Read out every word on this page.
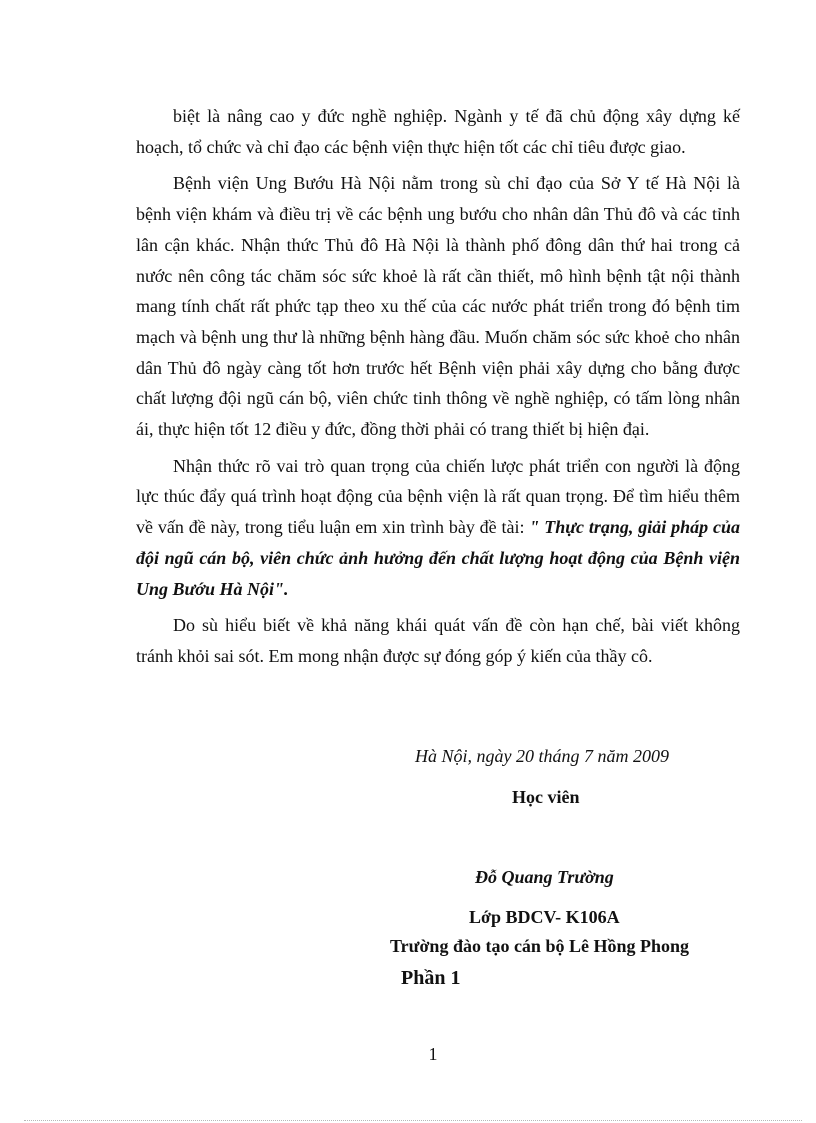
biệt là nâng cao y đức nghề nghiệp. Ngành y tế đã chủ động xây dựng kế hoạch, tổ chức và chỉ đạo các bệnh viện thực hiện tốt các chỉ tiêu được giao.

Bệnh viện Ung Bướu Hà Nội nằm trong sù chỉ đạo của Sở Y tế Hà Nội là bệnh viện khám và điều trị về các bệnh ung bướu cho nhân dân Thủ đô và các tỉnh lân cận khác. Nhận thức Thủ đô Hà Nội là thành phố đông dân thứ hai trong cả nước nên công tác chăm sóc sức khoẻ là rất cần thiết, mô hình bệnh tật nội thành mang tính chất rất phức tạp theo xu thế của các nước phát triển trong đó bệnh tim mạch và bệnh ung thư là những bệnh hàng đầu. Muốn chăm sóc sức khoẻ cho nhân dân Thủ đô ngày càng tốt hơn trước hết Bệnh viện phải xây dựng cho bằng được chất lượng đội ngũ cán bộ, viên chức tinh thông về nghề nghiệp, có tấm lòng nhân ái, thực hiện tốt 12 điều y đức, đồng thời phải có trang thiết bị hiện đại.

Nhận thức rõ vai trò quan trọng của chiến lược phát triển con người là động lực thúc đẩy quá trình hoạt động của bệnh viện là rất quan trọng. Để tìm hiểu thêm về vấn đề này, trong tiểu luận em xin trình bày đề tài: " Thực trạng, giải pháp của đội ngũ cán bộ, viên chức ảnh hưởng đến chất lượng hoạt động của Bệnh viện Ung Bướu Hà Nội".

Do sù hiểu biết về khả năng khái quát vấn đề còn hạn chế, bài viết không tránh khỏi sai sót. Em mong nhận được sự đóng góp ý kiến của thầy cô.

Hà Nội, ngày 20 tháng 7 năm 2009
Học viên
Đỗ Quang Trường
Lớp BDCV- K106A
Trường đào tạo cán bộ Lê Hồng Phong
Phần 1
1
